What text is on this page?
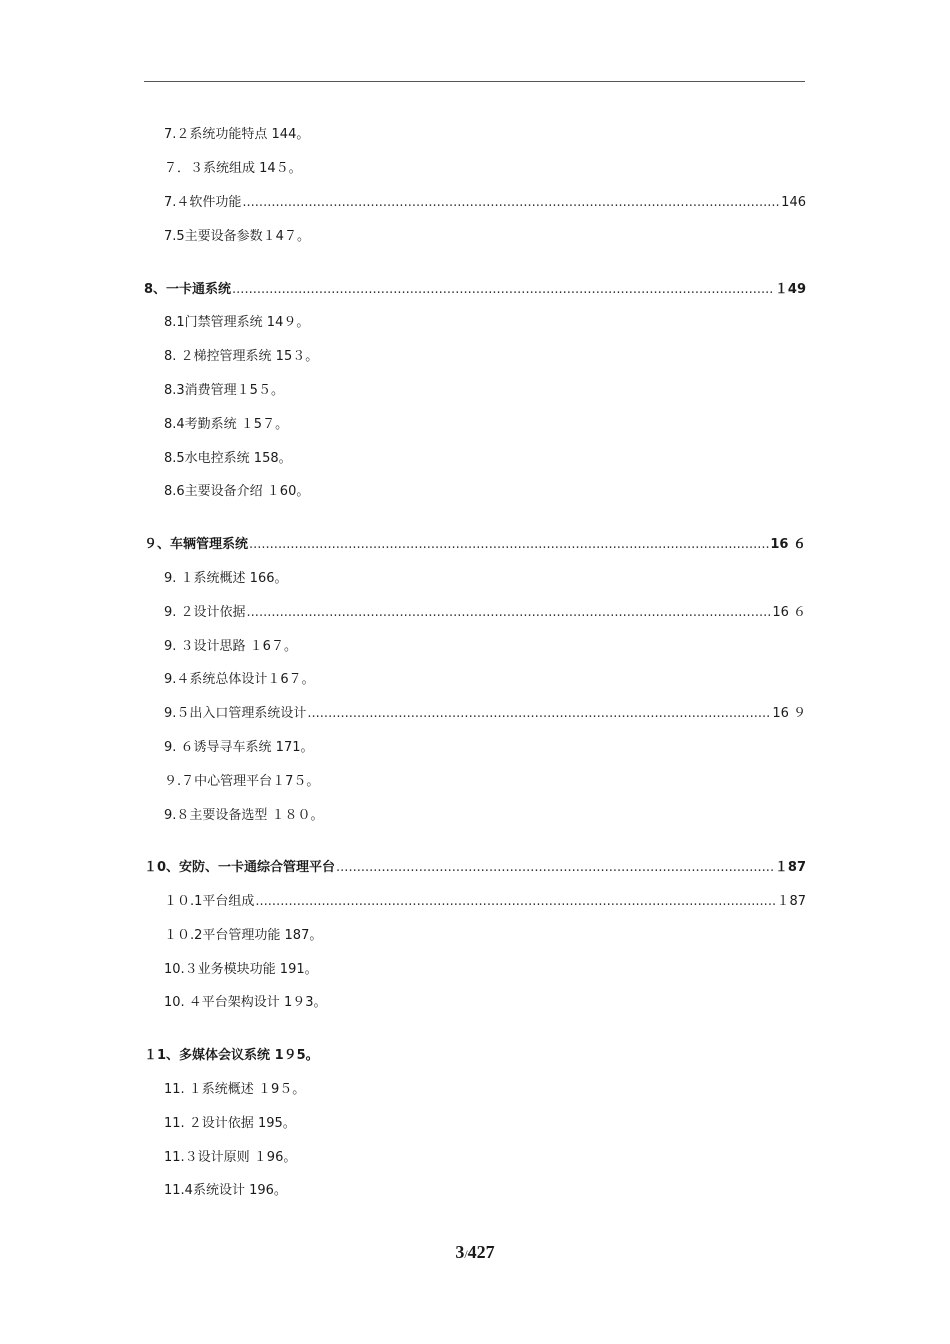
7.２系统功能特点 144。
７．３系统组成 14５。
7.４软件功能 .....	146
7.5主要设备参数１4７。
8、一卡通系统 .....	１49
8.1门禁管理系统 14９。
8. ２梯控管理系统 15３。
8.3消费管理１5５。
8.4考勤系统 １5７。
8.5水电控系统 158。
8.6主要设备介绍 １60。
９、车辆管理系统 .....	16 ６
9. １系统概述 166。
9. ２设计依据 .....	16 ６
9. ３设计思路 １6７。
9.４系统总体设计１6７。
9.５出入口管理系统设计 .....	16 ９
9. ６诱导寻车系统 171。
９.７中心管理平台１7５。
9.８主要设备选型 １８０。
１0、安防、一卡通综合管理平台 .....	１87
１０.1平台组成 .....	１87
１０.2平台管理功能 187。
10.３业务模块功能 191。
10. ４平台架构设计 1９3。
１1、多媒体会议系统 1９5。
11. １系统概述 １9５。
11. ２设计依据 195。
11.３设计原则 １96。
11.4系统设计 196。
3/427
